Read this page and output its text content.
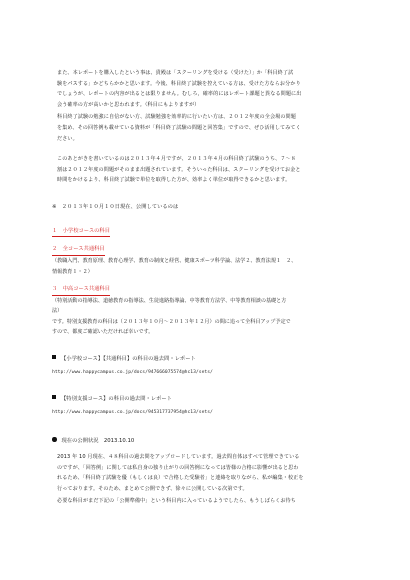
また、本レポートを購入したという事は、貴殿は「スクーリングを受ける（受けた）」か「科目終了試
験をパスする」かどちらかかと思います。今後、科目終了試験を控えている方は、受けた方ならお分かり
でしょうが、レポートの内容が出るとは限りません。むしろ，確率的にはレポート課題と異なる問題に出
会う確率の方が高いかと思われます。（科目にもよりますが）

科目終了試験の勉強に自信がない方、試験勉強を効率的に行いたい方は、２０１２年度の全会場の問題
を集め、その回答例も載せている資料が「科目終了試験の問題と回答集」ですので、ぜひ活用してみてく
ださい。

このあとがきを書いているのは２０１３年４月ですが、２０１３年４月の科目終了試験のうち、７～８
割は２０１２年度の問題がそのまま出題されています。そういった科目は、スクーリングを受けてお金と
時間をかけるより、科目終了試験で単位を取得した方が、効率よく単位が取得できるかと思います。

※　２０１３年１０月１０日現在、公開しているのは

１　小学校コースの科目
２　全コース共通科目

（教職入門、教育原理、教育心理学、教育の制度と経営、健康スポーツ科学論、法学２、教育法規１　２、
情報教育１・２）

３　中高コース共通科目

（特別活動の指導法、道徳教育の指導法、生徒進路指導論、中等教育方法学、中等教育相談の基礎と方
法）
です。特別支援教育の科目は（２０１３年１０月～２０１３年１２月）の間に追って全科目アップ予定で
すので、都度ご確認いただければ幸いです。

【小学校コース】【共通科目】の科目の過去問・レポート

http://www.happycampus.co.jp/docs/947666075574@hc13/sets/

【特別支援コース】の科目の過去問・レポート

http://www.happycampus.co.jp/docs/945317737954@hc13/sets/

現在の公開状況　2013.10.10

2013 年 10 月現在、４８科目の過去問をアップロードしています。過去問自体はすべて管理できている
のですが、「回答例」に関しては私自身の独り止がりの回答例になっては皆様の合格に影響が出ると思わ
れるため、「科目終了試験を優（もしくは良）で合格した受験者」と連絡を取りながら、私が編集・校正を
行っております。そのため、まとめて公開できず、徐々に公開している次第です。

必要な科目がまだ下記の「公開準備中」という科目内に入っているようでしたら、もうしばらくお待ち
